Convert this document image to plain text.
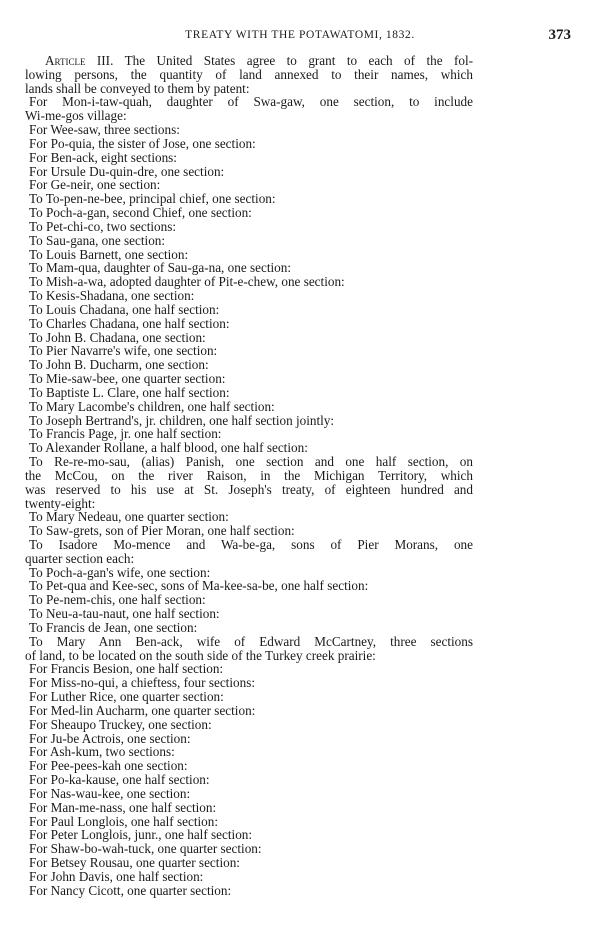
TREATY WITH THE POTAWATOMI, 1832.	373
Article III. The United States agree to grant to each of the fol-
lowing persons, the quantity of land annexed to their names, which
lands shall be conveyed to them by patent:
For Mon-i-taw-quah, daughter of Swa-gaw, one section, to include
Wi-me-gos village:
For Wee-saw, three sections:
For Po-quia, the sister of Jose, one section:
For Ben-ack, eight sections:
For Ursule Du-quin-dre, one section:
For Ge-neir, one section:
To To-pen-ne-bee, principal chief, one section:
To Poch-a-gan, second Chief, one section:
To Pet-chi-co, two sections:
To Sau-gana, one section:
To Louis Barnett, one section:
To Mam-qua, daughter of Sau-ga-na, one section:
To Mish-a-wa, adopted daughter of Pit-e-chew, one section:
To Kesis-Shadana, one section:
To Louis Chadana, one half section:
To Charles Chadana, one half section:
To John B. Chadana, one section:
To Pier Navarre's wife, one section:
To John B. Ducharm, one section:
To Mie-saw-bee, one quarter section:
To Baptiste L. Clare, one half section:
To Mary Lacombe's children, one half section:
To Joseph Bertrand's, jr. children, one half section jointly:
To Francis Page, jr. one half section:
To Alexander Rollane, a half blood, one half section:
To Re-re-mo-sau, (alias) Panish, one section and one half section, on
the McCou, on the river Raison, in the Michigan Territory, which
was reserved to his use at St. Joseph's treaty, of eighteen hundred and
twenty-eight:
To Mary Nedeau, one quarter section:
To Saw-grets, son of Pier Moran, one half section:
To Isadore Mo-mence and Wa-be-ga, sons of Pier Morans, one
quarter section each:
To Poch-a-gan's wife, one section:
To Pet-qua and Kee-sec, sons of Ma-kee-sa-be, one half section:
To Pe-nem-chis, one half section:
To Neu-a-tau-naut, one half section:
To Francis de Jean, one section:
To Mary Ann Ben-ack, wife of Edward McCartney, three sections
of land, to be located on the south side of the Turkey creek prairie:
For Francis Besion, one half section:
For Miss-no-qui, a chieftess, four sections:
For Luther Rice, one quarter section:
For Med-lin Aucharm, one quarter section:
For Sheaupo Truckey, one section:
For Ju-be Actrois, one section:
For Ash-kum, two sections:
For Pee-pees-kah one section:
For Po-ka-kause, one half section:
For Nas-wau-kee, one section:
For Man-me-nass, one half section:
For Paul Longlois, one half section:
For Peter Longlois, junr., one half section:
For Shaw-bo-wah-tuck, one quarter section:
For Betsey Rousau, one quarter section:
For John Davis, one half section:
For Nancy Cicott, one quarter section:
